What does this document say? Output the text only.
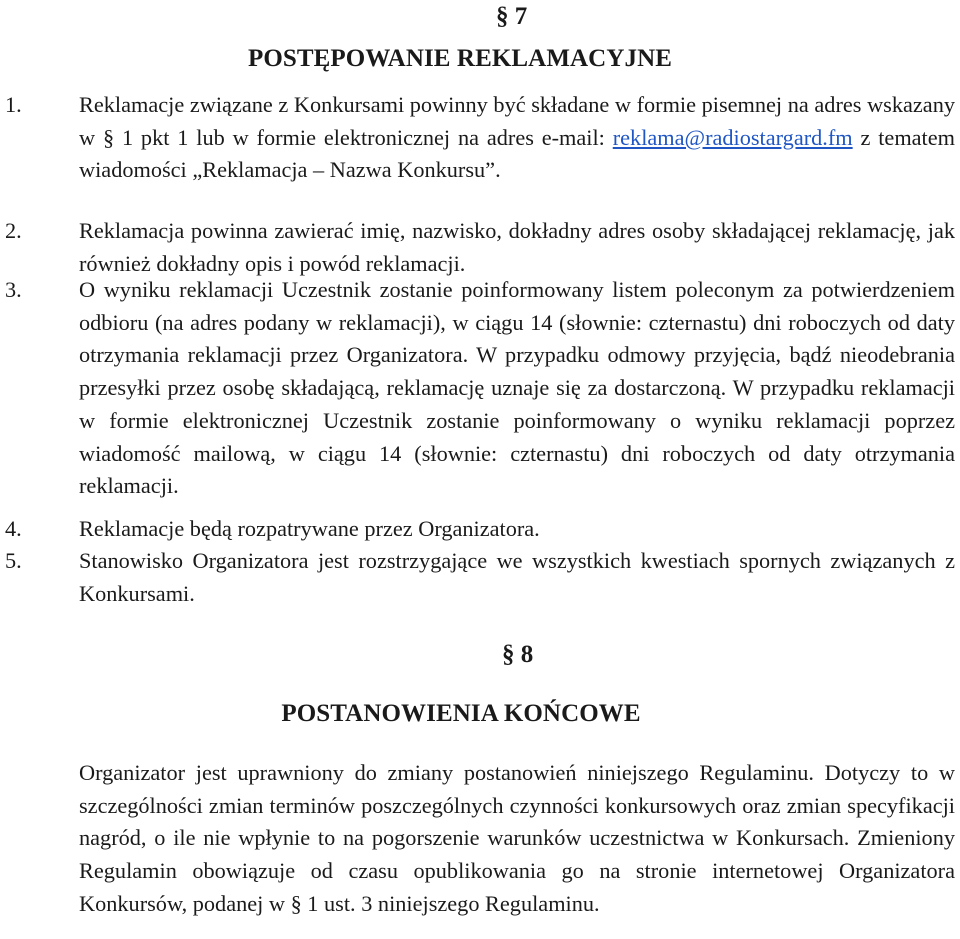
§ 7
POSTĘPOWANIE REKLAMACYJNE
1.	Reklamacje związane z Konkursami powinny być składane w formie pisemnej na adres wskazany w § 1 pkt 1 lub w formie elektronicznej na adres e-mail: reklama@radiostargard.fm z tematem wiadomości „Reklamacja – Nazwa Konkursu”.
2.	Reklamacja powinna zawierać imię, nazwisko, dokładny adres osoby składającej reklamację, jak również dokładny opis i powód reklamacji.
3.	O wyniku reklamacji Uczestnik zostanie poinformowany listem poleconym za potwierdzeniem odbioru (na adres podany w reklamacji), w ciągu 14 (słownie: czternastu) dni roboczych od daty otrzymania reklamacji przez Organizatora. W przypadku odmowy przyjęcia, bądź nieodebrania przesyłki przez osobę składającą, reklamację uznaje się za dostarczoną. W przypadku reklamacji w formie elektronicznej Uczestnik zostanie poinformowany o wyniku reklamacji poprzez wiadomość mailową, w ciągu 14 (słownie: czternastu) dni roboczych od daty otrzymania reklamacji.
4.	Reklamacje będą rozpatrywane przez Organizatora.
5.	Stanowisko Organizatora jest rozstrzygające we wszystkich kwestiach spornych związanych z Konkursami.
§ 8
POSTANOWIENIA KOŃCOWE

Organizator jest uprawniony do zmiany postanowień niniejszego Regulaminu. Dotyczy to w szczególności zmian terminów poszczególnych czynności konkursowych oraz zmian specyfikacji nagród, o ile nie wpłynie to na pogorszenie warunków uczestnictwa w Konkursach. Zmieniony Regulamin obowiązuje od czasu opublikowania go na stronie internetowej Organizatora Konkursów, podanej w § 1 ust. 3 niniejszego Regulaminu.
